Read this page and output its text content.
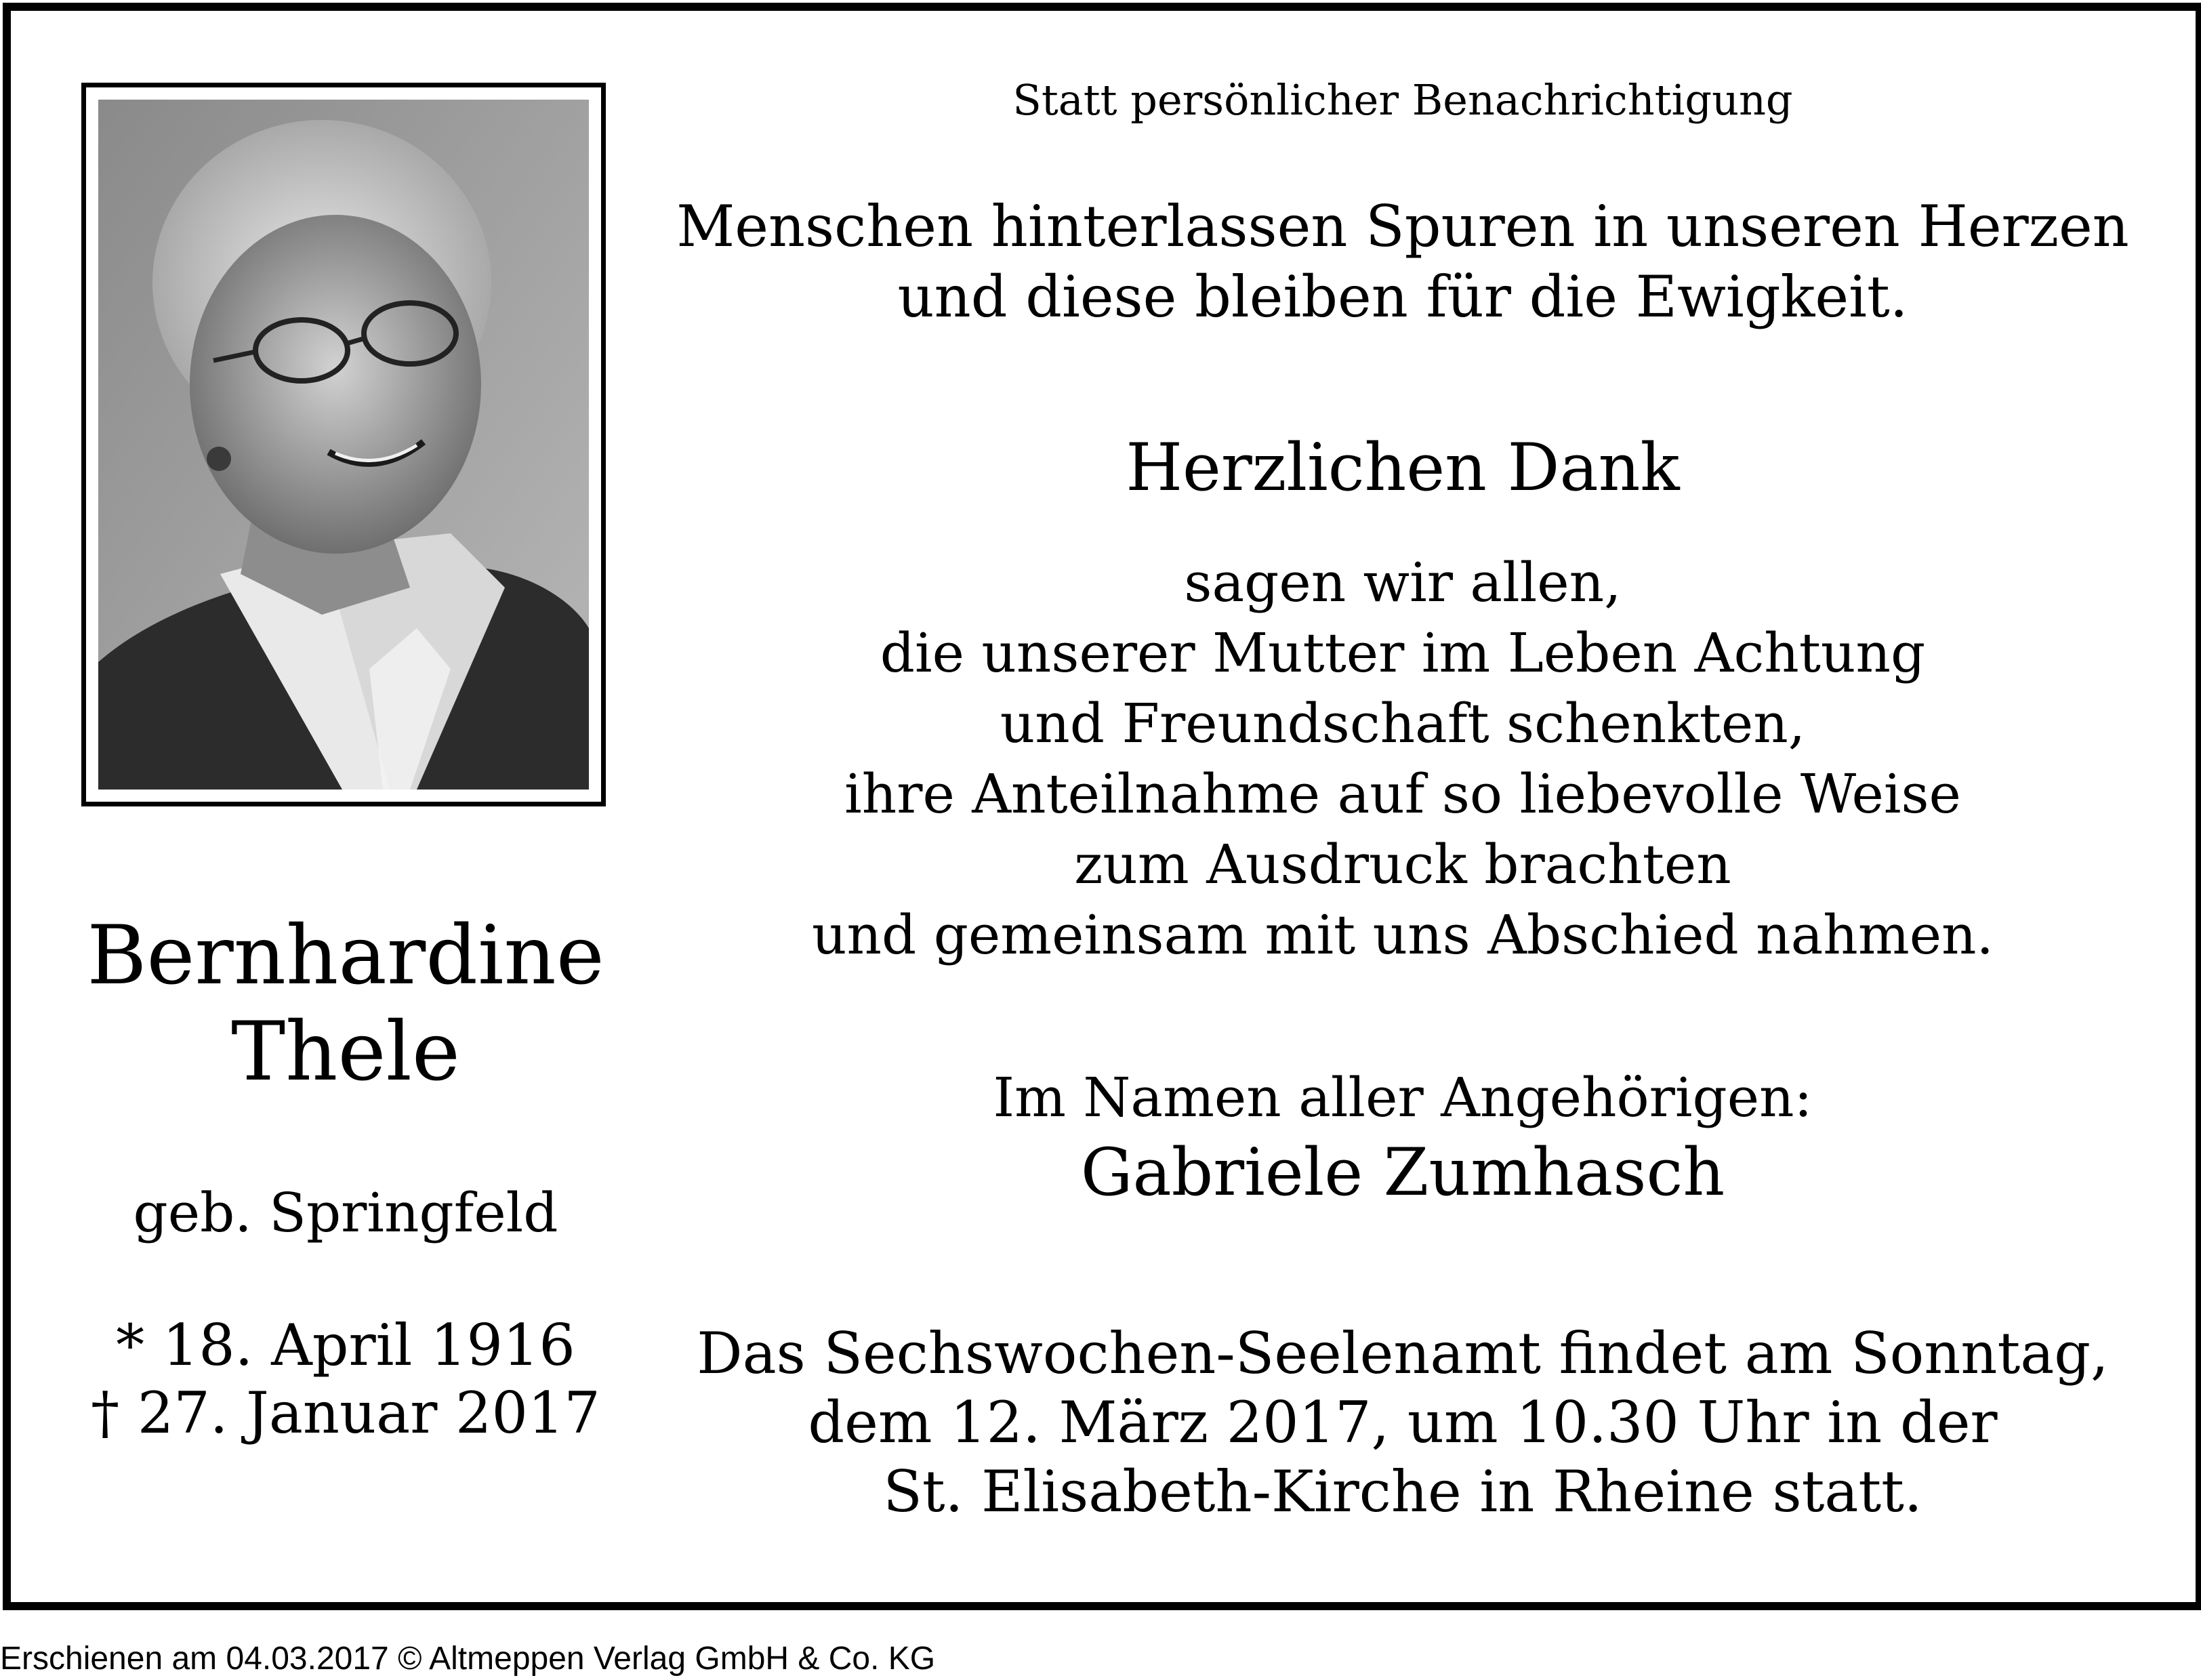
Bernhardine
Thele
geb. Springfeld
* 18. April 1916
† 27. Januar 2017
Statt persönlicher Benachrichtigung
Menschen hinterlassen Spuren in unseren Herzen
und diese bleiben für die Ewigkeit.
Herzlichen Dank
sagen wir allen,
die unserer Mutter im Leben Achtung
und Freundschaft schenkten,
ihre Anteilnahme auf so liebevolle Weise
zum Ausdruck brachten
und gemeinsam mit uns Abschied nahmen.
Im Namen aller Angehörigen:
Gabriele Zumhasch
Das Sechswochen-Seelenamt findet am Sonntag,
dem 12. März 2017, um 10.30 Uhr in der
St. Elisabeth-Kirche in Rheine statt.
Erschienen am 04.03.2017 © Altmeppen Verlag GmbH & Co. KG
